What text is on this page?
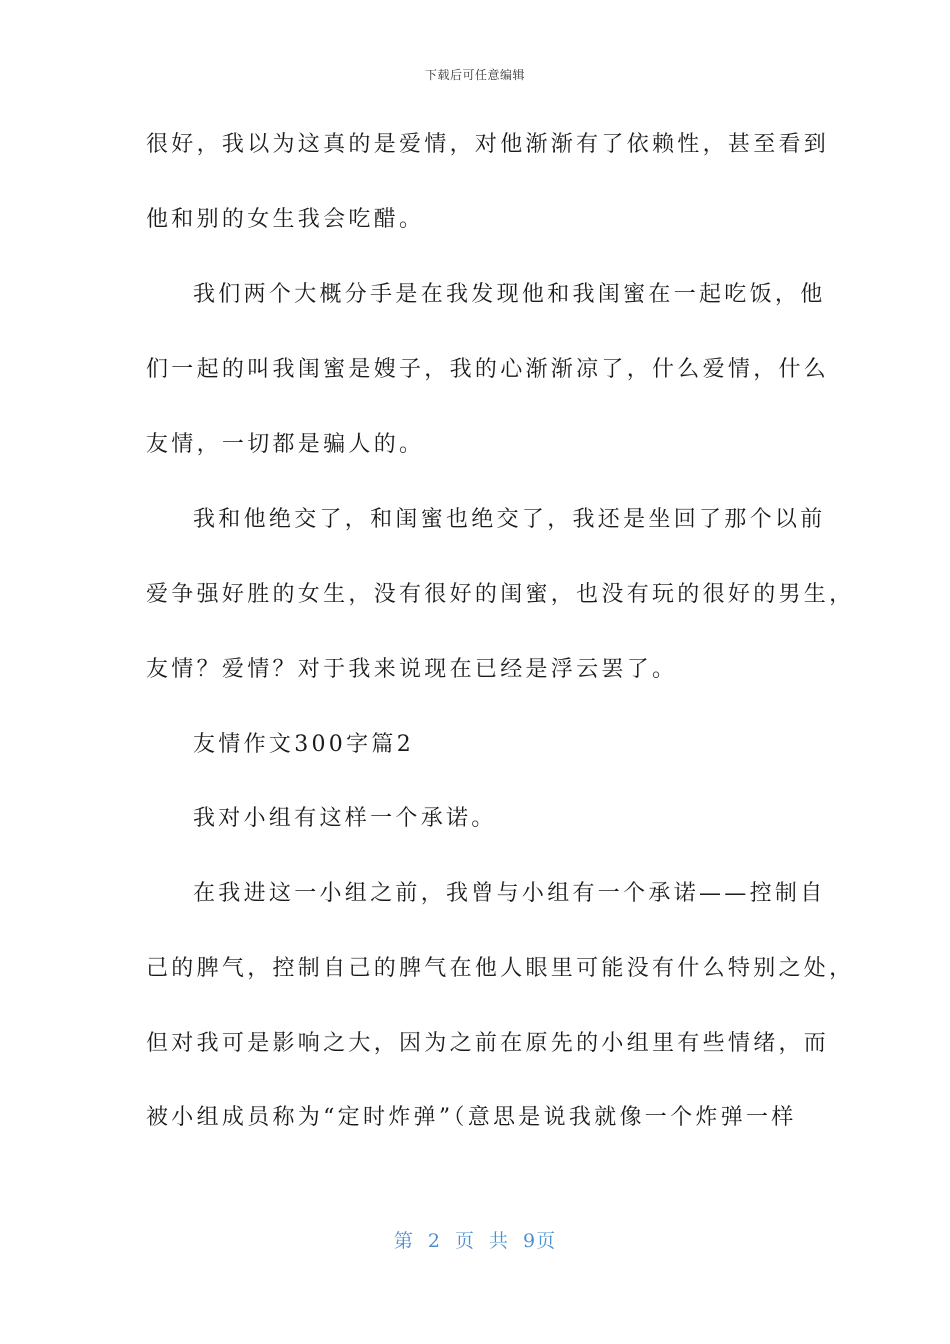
下载后可任意编辑
很好，我以为这真的是爱情，对他渐渐有了依赖性，甚至看到
他和别的女生我会吃醋。
我们两个大概分手是在我发现他和我闺蜜在一起吃饭，他
们一起的叫我闺蜜是嫂子，我的心渐渐凉了，什么爱情，什么
友情，一切都是骗人的。
我和他绝交了，和闺蜜也绝交了，我还是坐回了那个以前
爱争强好胜的女生，没有很好的闺蜜，也没有玩的很好的男生，
友情？爱情？对于我来说现在已经是浮云罢了。
友情作文300字篇2
我对小组有这样一个承诺。
在我进这一小组之前，我曾与小组有一个承诺——控制自
己的脾气，控制自己的脾气在他人眼里可能没有什么特别之处，
但对我可是影响之大，因为之前在原先的小组里有些情绪，而
被小组成员称为“定时炸弹”（意思是说我就像一个炸弹一样
第 2 页 共 9页
